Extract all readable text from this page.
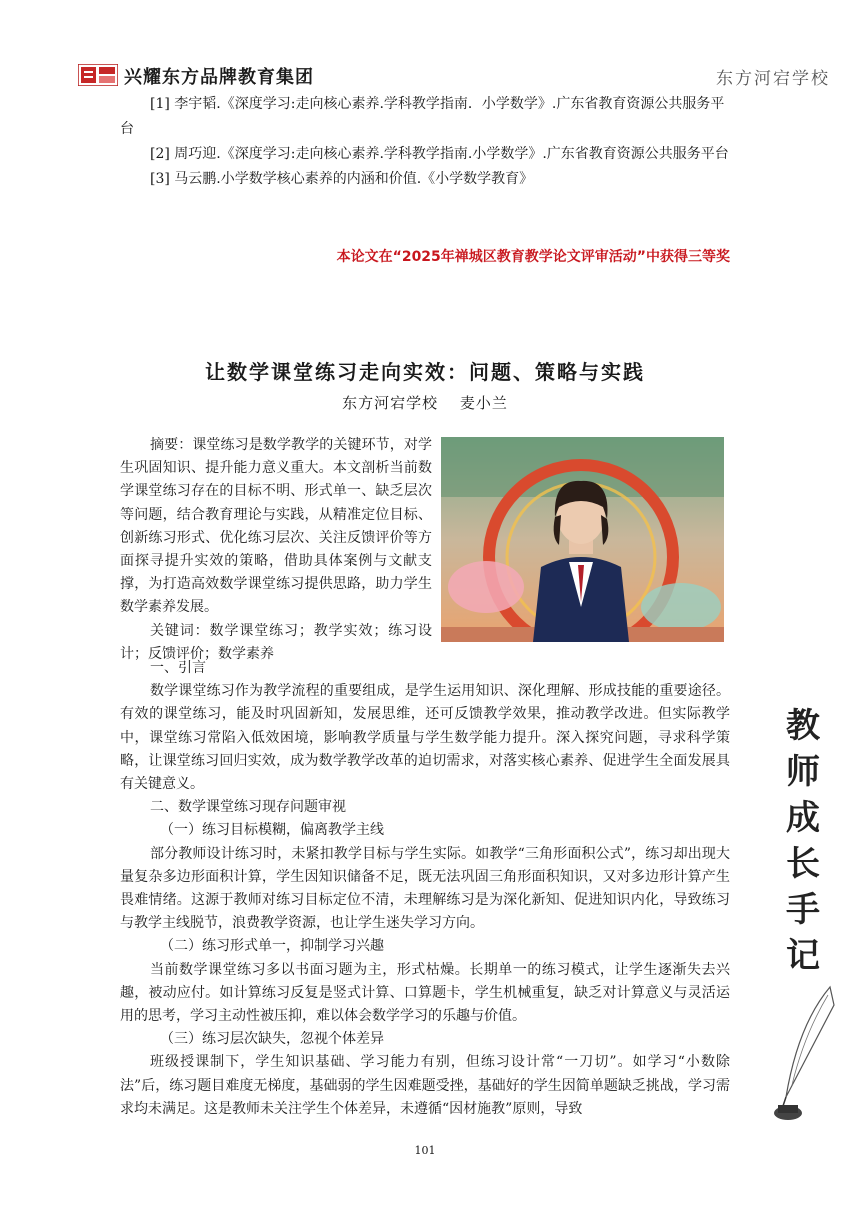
兴耀东方品牌教育集团	东方河宕学校

[1] 李宇韬.《深度学习:走向核心素养.学科教学指南．小学数学》.广东省教育资源公共服务平台

[2] 周巧迎.《深度学习:走向核心素养.学科教学指南.小学数学》.广东省教育资源公共服务平台

[3] 马云鹏.小学数学核心素养的内涵和价值.《小学数学教育》

本论文在“2025年禅城区教育教学论文评审活动”中获得三等奖
让数学课堂练习走向实效：问题、策略与实践
东方河宕学校 麦小兰

摘要：课堂练习是数学教学的关键环节，对学生巩固知识、提升能力意义重大。本文剖析当前数学课堂练习存在的目标不明、形式单一、缺乏层次等问题，结合教育理论与实践，从精准定位目标、创新练习形式、优化练习层次、关注反馈评价等方面探寻提升实效的策略，借助具体案例与文献支撑，为打造高效数学课堂练习提供思路，助力学生数学素养发展。

关键词：数学课堂练习；教学实效；练习设计；反馈评价；数学素养

一、引言

数学课堂练习作为教学流程的重要组成，是学生运用知识、深化理解、形成技能的重要途径。有效的课堂练习，能及时巩固新知，发展思维，还可反馈教学效果，推动教学改进。但实际教学中，课堂练习常陷入低效困境，影响教学质量与学生数学能力提升。深入探究问题，寻求科学策略，让课堂练习回归实效，成为数学教学改革的迫切需求，对落实核心素养、促进学生全面发展具有关键意义。

二、数学课堂练习现存问题审视

（一）练习目标模糊，偏离教学主线

部分教师设计练习时，未紧扣教学目标与学生实际。如教学“三角形面积公式”，练习却出现大量复杂多边形面积计算，学生因知识储备不足，既无法巩固三角形面积知识，又对多边形计算产生畏难情绪。这源于教师对练习目标定位不清，未理解练习是为深化新知、促进知识内化，导致练习与教学主线脱节，浪费教学资源，也让学生迷失学习方向。

（二）练习形式单一，抑制学习兴趣

当前数学课堂练习多以书面习题为主，形式枯燥。长期单一的练习模式，让学生逐渐失去兴趣，被动应付。如计算练习反复是竖式计算、口算题卡，学生机械重复，缺乏对计算意义与灵活运用的思考，学习主动性被压抑，难以体会数学学习的乐趣与价值。

（三）练习层次缺失，忽视个体差异

班级授课制下，学生知识基础、学习能力有别，但练习设计常“一刀切”。如学习“小数除法”后，练习题目难度无梯度，基础弱的学生因难题受挫，基础好的学生因简单题缺乏挑战，学习需求均未满足。这是教师未关注学生个体差异，未遵循“因材施教”原则，导致

教
师
成
长
手
记
101
